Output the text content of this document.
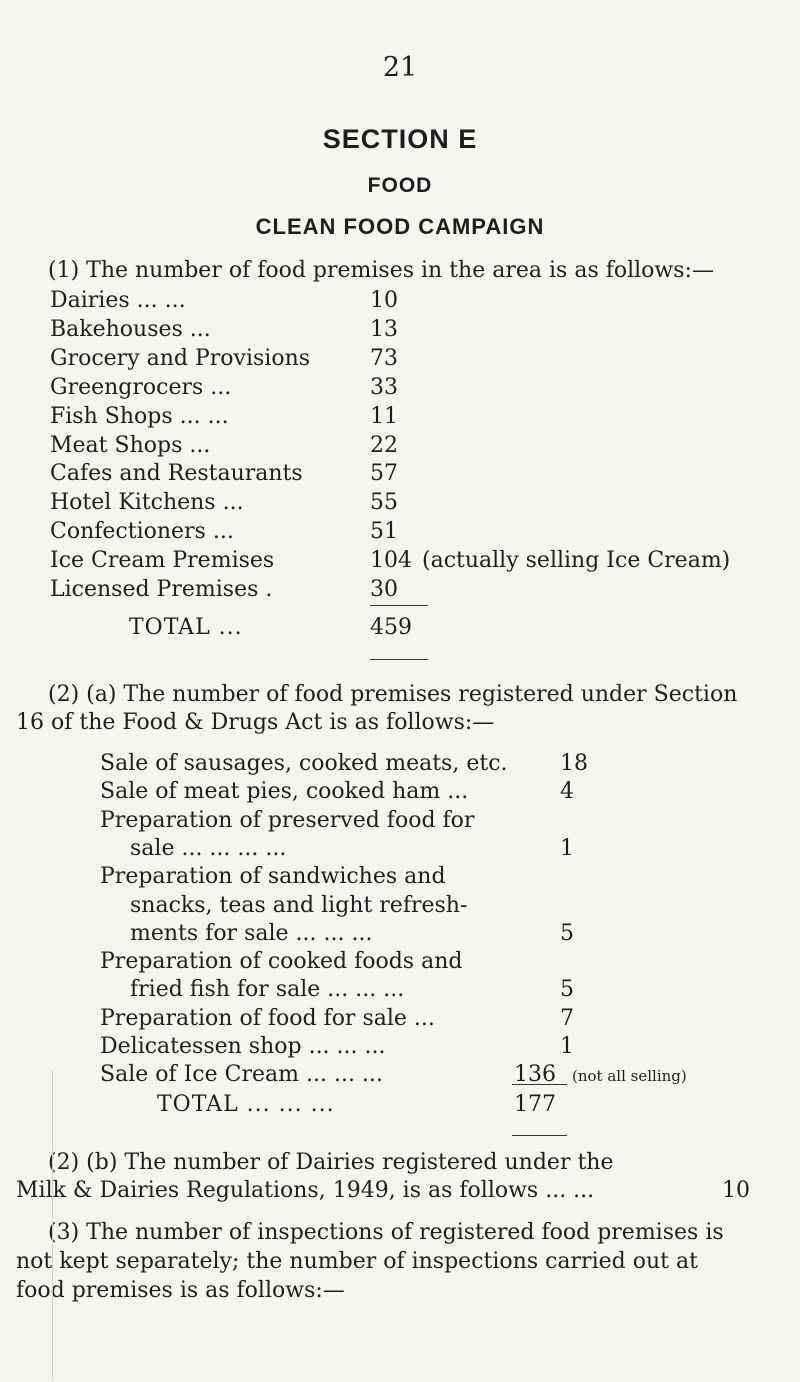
21
SECTION E
FOOD
CLEAN FOOD CAMPAIGN
(1) The number of food premises in the area is as follows:—
Dairies ... ...	10
Bakehouses ...	13
Grocery and Provisions	73
Greengrocers ...	33
Fish Shops ... ...	11
Meat Shops ...	22
Cafes and Restaurants	57
Hotel Kitchens ...	55
Confectioners ...	51
Ice Cream Premises	104 (actually selling Ice Cream)
Licensed Premises .	30
TOTAL ...	459
(2) (a) The number of food premises registered under Section
16 of the Food & Drugs Act is as follows:—
Sale of sausages, cooked meats, etc. 18
Sale of meat pies, cooked ham ...	4
Preparation of preserved food for
sale ... ... ... ...	1
Preparation of sandwiches and
snacks, teas and light refresh-
ments for sale ... ... ...	5
Preparation of cooked foods and
fried fish for sale ... ... ...	5
Preparation of food for sale ...	7
Delicatessen shop ... ... ...	1
Sale of Ice Cream ... ... ...	136 (not all selling)
TOTAL ... ... ...	177
(2) (b) The number of Dairies registered under the
Milk & Dairies Regulations, 1949, is as follows ... ...	10
(3) The number of inspections of registered food premises is
not kept separately; the number of inspections carried out at
food premises is as follows:—
